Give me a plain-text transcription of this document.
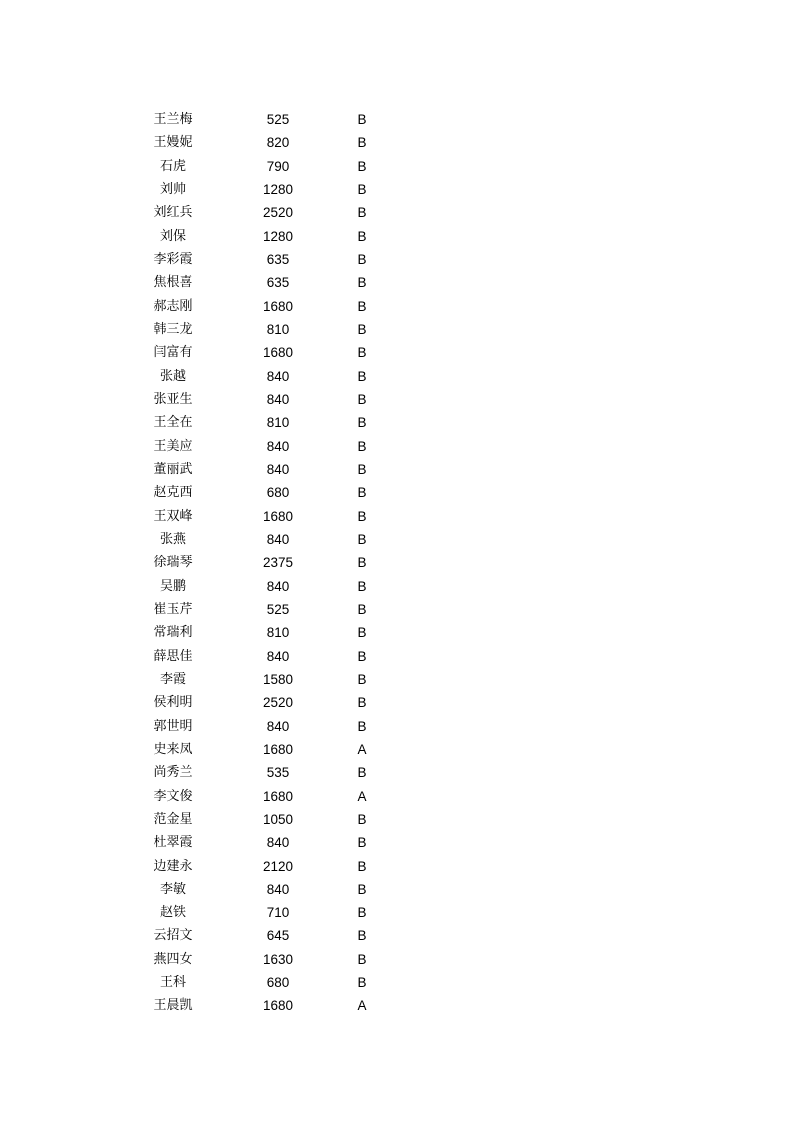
王兰梅	525	B
王嫚妮	820	B
石虎	790	B
刘帅	1280	B
刘红兵	2520	B
刘保	1280	B
李彩霞	635	B
焦根喜	635	B
郝志刚	1680	B
韩三龙	810	B
闫富有	1680	B
张越	840	B
张亚生	840	B
王全在	810	B
王美应	840	B
董丽武	840	B
赵克西	680	B
王双峰	1680	B
张燕	840	B
徐瑞琴	2375	B
吴鹏	840	B
崔玉芹	525	B
常瑞利	810	B
薛思佳	840	B
李霞	1580	B
侯利明	2520	B
郭世明	840	B
史来凤	1680	A
尚秀兰	535	B
李文俊	1680	A
范金星	1050	B
杜翠霞	840	B
边建永	2120	B
李敏	840	B
赵铁	710	B
云招文	645	B
燕四女	1630	B
王科	680	B
王晨凯	1680	A
